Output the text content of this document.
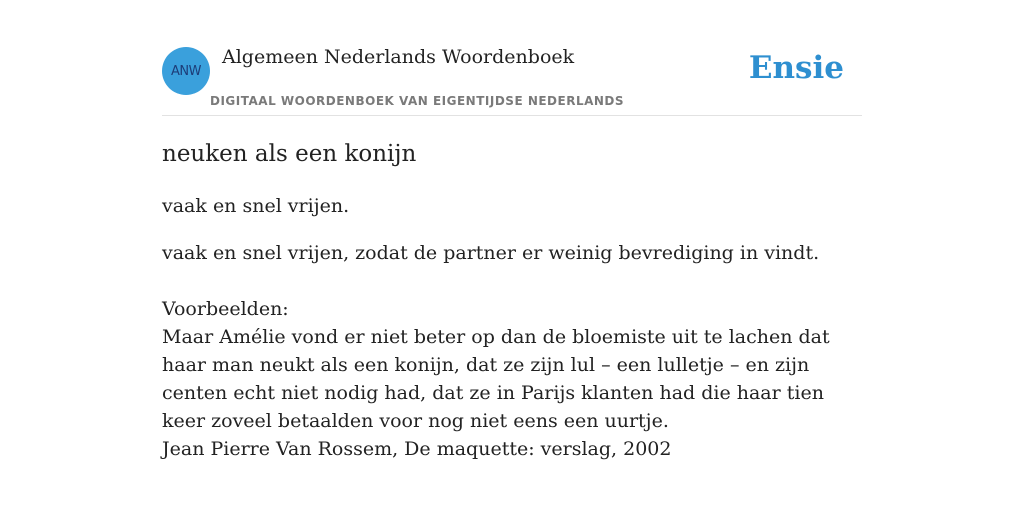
ANW
Algemeen Nederlands Woordenboek
DIGITAAL WOORDENBOEK VAN EIGENTIJDSE NEDERLANDS
Ensie
neuken als een konijn
vaak en snel vrijen.
vaak en snel vrijen, zodat de partner er weinig bevrediging in vindt.
Voorbeelden:
Maar Amélie vond er niet beter op dan de bloemiste uit te lachen dat haar man neukt als een konijn, dat ze zijn lul – een lulletje – en zijn centen echt niet nodig had, dat ze in Parijs klanten had die haar tien keer zoveel betaalden voor nog niet eens een uurtje.
Jean Pierre Van Rossem, De maquette: verslag, 2002
